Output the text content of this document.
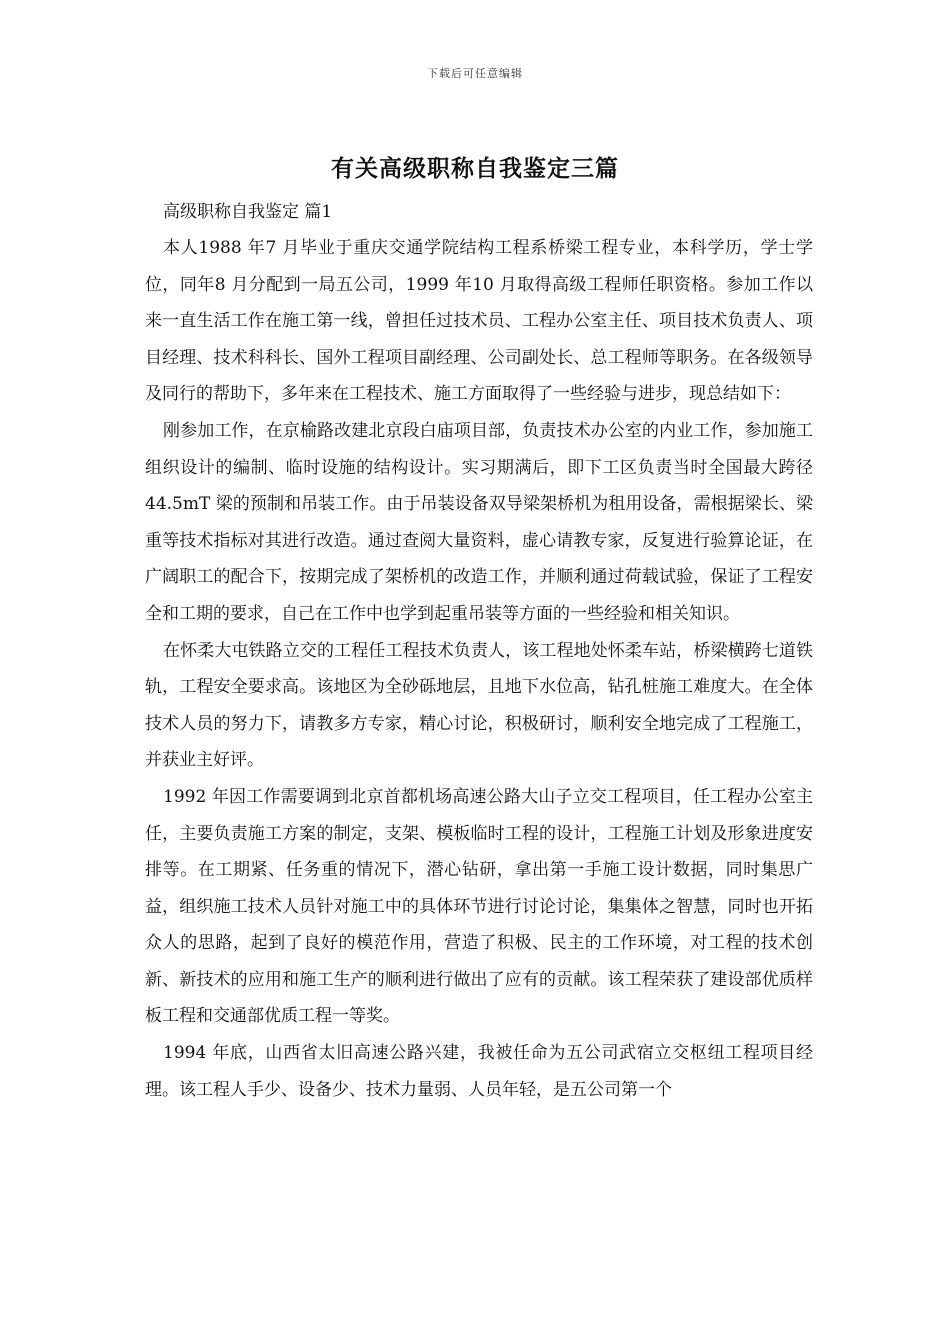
下载后可任意编辑
有关高级职称自我鉴定三篇

高级职称自我鉴定 篇1

本人1988 年7 月毕业于重庆交通学院结构工程系桥梁工程专业，本科学历，学士学位，同年8 月分配到一局五公司，1999 年10 月取得高级工程师任职资格。参加工作以来一直生活工作在施工第一线，曾担任过技术员、工程办公室主任、项目技术负责人、项目经理、技术科科长、国外工程项目副经理、公司副处长、总工程师等职务。在各级领导及同行的帮助下，多年来在工程技术、施工方面取得了一些经验与进步，现总结如下：

刚参加工作，在京榆路改建北京段白庙项目部，负责技术办公室的内业工作，参加施工组织设计的编制、临时设施的结构设计。实习期满后，即下工区负责当时全国最大跨径44.5mT 梁的预制和吊装工作。由于吊装设备双导梁架桥机为租用设备，需根据梁长、梁重等技术指标对其进行改造。通过查阅大量资料，虚心请教专家，反复进行验算论证，在广阔职工的配合下，按期完成了架桥机的改造工作，并顺利通过荷载试验，保证了工程安全和工期的要求，自己在工作中也学到起重吊装等方面的一些经验和相关知识。

在怀柔大屯铁路立交的工程任工程技术负责人，该工程地处怀柔车站，桥梁横跨七道铁轨，工程安全要求高。该地区为全砂砾地层，且地下水位高，钻孔桩施工难度大。在全体技术人员的努力下，请教多方专家，精心讨论，积极研讨，顺利安全地完成了工程施工，并获业主好评。

1992 年因工作需要调到北京首都机场高速公路大山子立交工程项目，任工程办公室主任，主要负责施工方案的制定，支架、模板临时工程的设计，工程施工计划及形象进度安排等。在工期紧、任务重的情况下，潜心钻研，拿出第一手施工设计数据，同时集思广益，组织施工技术人员针对施工中的具体环节进行讨论讨论，集集体之智慧，同时也开拓众人的思路，起到了良好的模范作用，营造了积极、民主的工作环境，对工程的技术创新、新技术的应用和施工生产的顺利进行做出了应有的贡献。该工程荣获了建设部优质样板工程和交通部优质工程一等奖。

1994 年底，山西省太旧高速公路兴建，我被任命为五公司武宿立交枢纽工程项目经理。该工程人手少、设备少、技术力量弱、人员年轻，是五公司第一个
